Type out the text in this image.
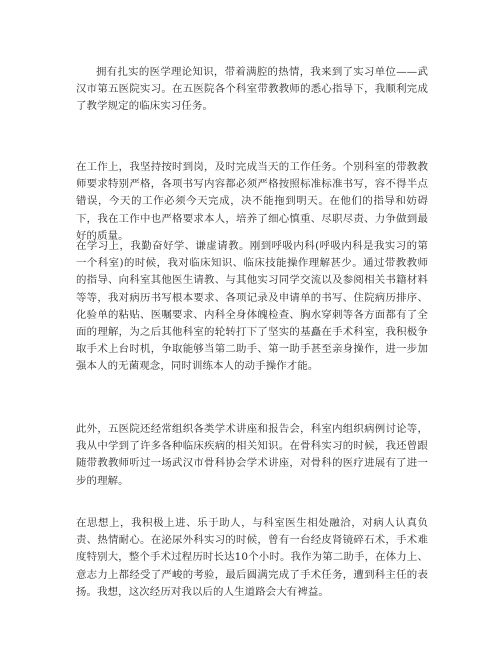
拥有扎实的医学理论知识，带着满腔的热情，我来到了实习单位——武汉市第五医院实习。在五医院各个科室带教教师的悉心指导下，我顺利完成了教学规定的临床实习任务。

在工作上，我坚持按时到岗，及时完成当天的工作任务。个别科室的带教教师要求特别严格，各项书写内容都必须严格按照标准标准书写，容不得半点错误，今天的工作必须今天完成，决不能拖到明天。在他们的指导和妨碍下，我在工作中也严格要求本人，培养了细心慎重、尽职尽责、力争做到最好的质量。

在学习上，我勤奋好学、谦虚请教。刚到呼吸内科(呼吸内科是我实习的第一个科室)的时候，我对临床知识、临床技能操作理解甚少。通过带教教师的指导、向科室其他医生请教、与其他实习同学交流以及参阅相关书籍材料等等，我对病历书写根本要求、各项记录及申请单的书写、住院病历排序、化验单的粘贴、医嘱要求、内科全身体魄检查、胸水穿刺等各方面都有了全面的理解，为之后其他科室的轮转打下了坚实的基矗在手术科室，我积极争取手术上台时机，争取能够当第二助手、第一助手甚至亲身操作，进一步加强本人的无菌观念，同时训练本人的动手操作才能。

此外，五医院还经常组织各类学术讲座和报告会，科室内组织病例讨论等，我从中学到了许多各种临床疾病的相关知识。在骨科实习的时候，我还曾跟随带教教师听过一场武汉市骨科协会学术讲座，对骨科的医疗进展有了进一步的理解。

在思想上，我积极上进、乐于助人，与科室医生相处融洽，对病人认真负责、热情耐心。在泌尿外科实习的时候，曾有一台经皮肾镜碎石术，手术难度特别大，整个手术过程历时长达10个小时。我作为第二助手，在体力上、意志力上都经受了严峻的考验，最后圆满完成了手术任务，遭到科主任的表扬。我想，这次经历对我以后的人生道路会大有裨益。
